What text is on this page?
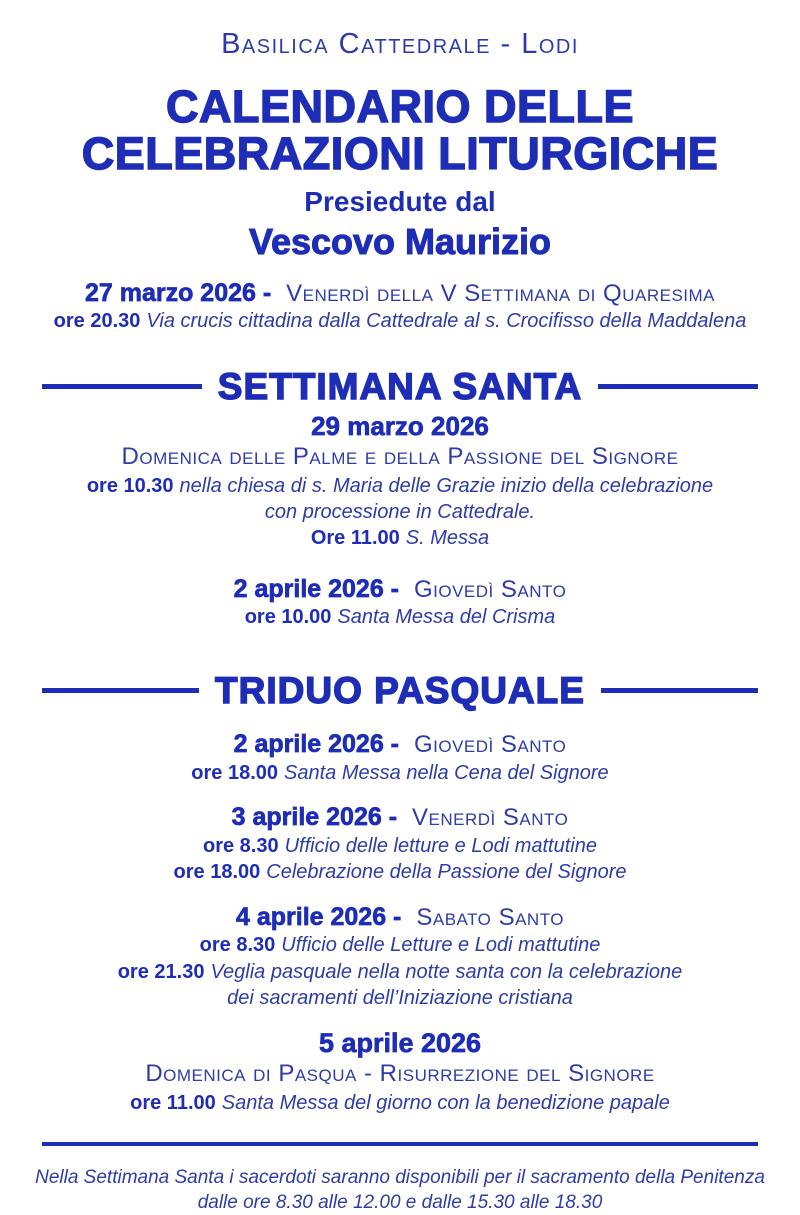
Basilica Cattedrale - Lodi
CALENDARIO DELLE
CELEBRAZIONI LITURGICHE
Presiedute dal
Vescovo Maurizio
27 marzo 2026 - Venerdì della V Settimana di Quaresima
ore 20.30 Via crucis cittadina dalla Cattedrale al s. Crocifisso della Maddalena
SETTIMANA SANTA
29 marzo 2026
Domenica delle Palme e della Passione del Signore
ore 10.30 nella chiesa di s. Maria delle Grazie inizio della celebrazione
con processione in Cattedrale.
Ore 11.00 S. Messa
2 aprile 2026 - Giovedì Santo
ore 10.00 Santa Messa del Crisma
TRIDUO PASQUALE
2 aprile 2026 - Giovedì Santo
ore 18.00 Santa Messa nella Cena del Signore
3 aprile 2026 - Venerdì Santo
ore 8.30 Ufficio delle letture e Lodi mattutine
ore 18.00 Celebrazione della Passione del Signore
4 aprile 2026 - Sabato Santo
ore 8.30 Ufficio delle Letture e Lodi mattutine
ore 21.30 Veglia pasquale nella notte santa con la celebrazione
dei sacramenti dell’Iniziazione cristiana
5 aprile 2026
Domenica di Pasqua - Risurrezione del Signore
ore 11.00 Santa Messa del giorno con la benedizione papale
Nella Settimana Santa i sacerdoti saranno disponibili per il sacramento della Penitenza
dalle ore 8.30 alle 12.00 e dalle 15.30 alle 18.30
